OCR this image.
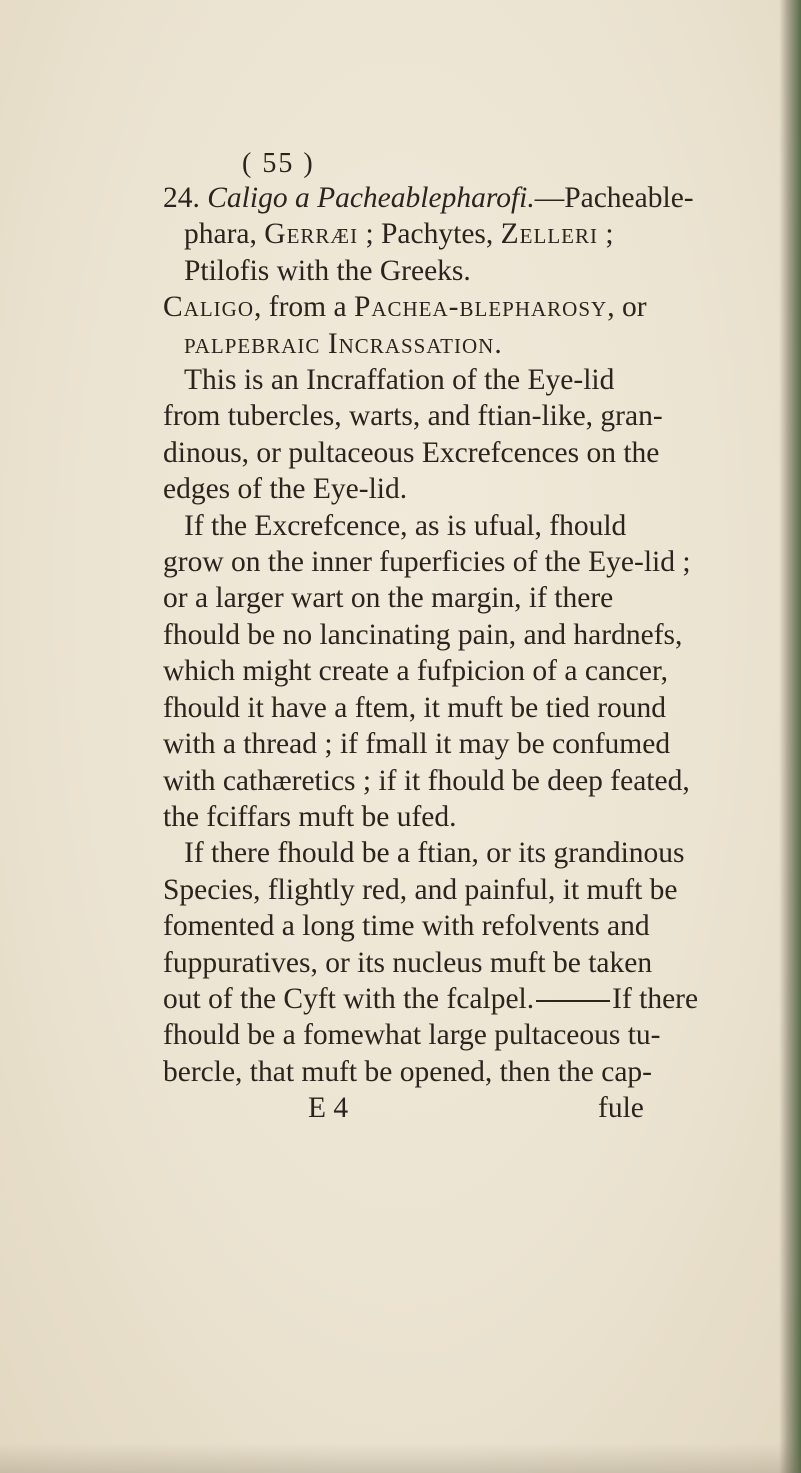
( 55 )
24. Caligo a Pacheablepharofi.—Pacheable-
phara, Gerræi ; Pachytes, Zelleri ;
Ptilofis with the Greeks.
Caligo, from a Pachea-blepharosy, or
palpebraic Incrassation.
This is an Incraffation of the Eye-lid
from tubercles, warts, and ftian-like, gran-
dinous, or pultaceous Excrefcences on the
edges of the Eye-lid.
If the Excrefcence, as is ufual, fhould
grow on the inner fuperficies of the Eye-lid ;
or a larger wart on the margin, if there
fhould be no lancinating pain, and hardnefs,
which might create a fufpicion of a cancer,
fhould it have a ftem, it muft be tied round
with a thread ; if fmall it may be confumed
with cathæretics ; if it fhould be deep feated,
the fciffars muft be ufed.
If there fhould be a ftian, or its grandinous
Species, flightly red, and painful, it muft be
fomented a long time with refolvents and
fuppuratives, or its nucleus muft be taken
out of the Cyft with the fcalpel.	If there
fhould be a fomewhat large pultaceous tu-
bercle, that muft be opened, then the cap-
E 4	fule
